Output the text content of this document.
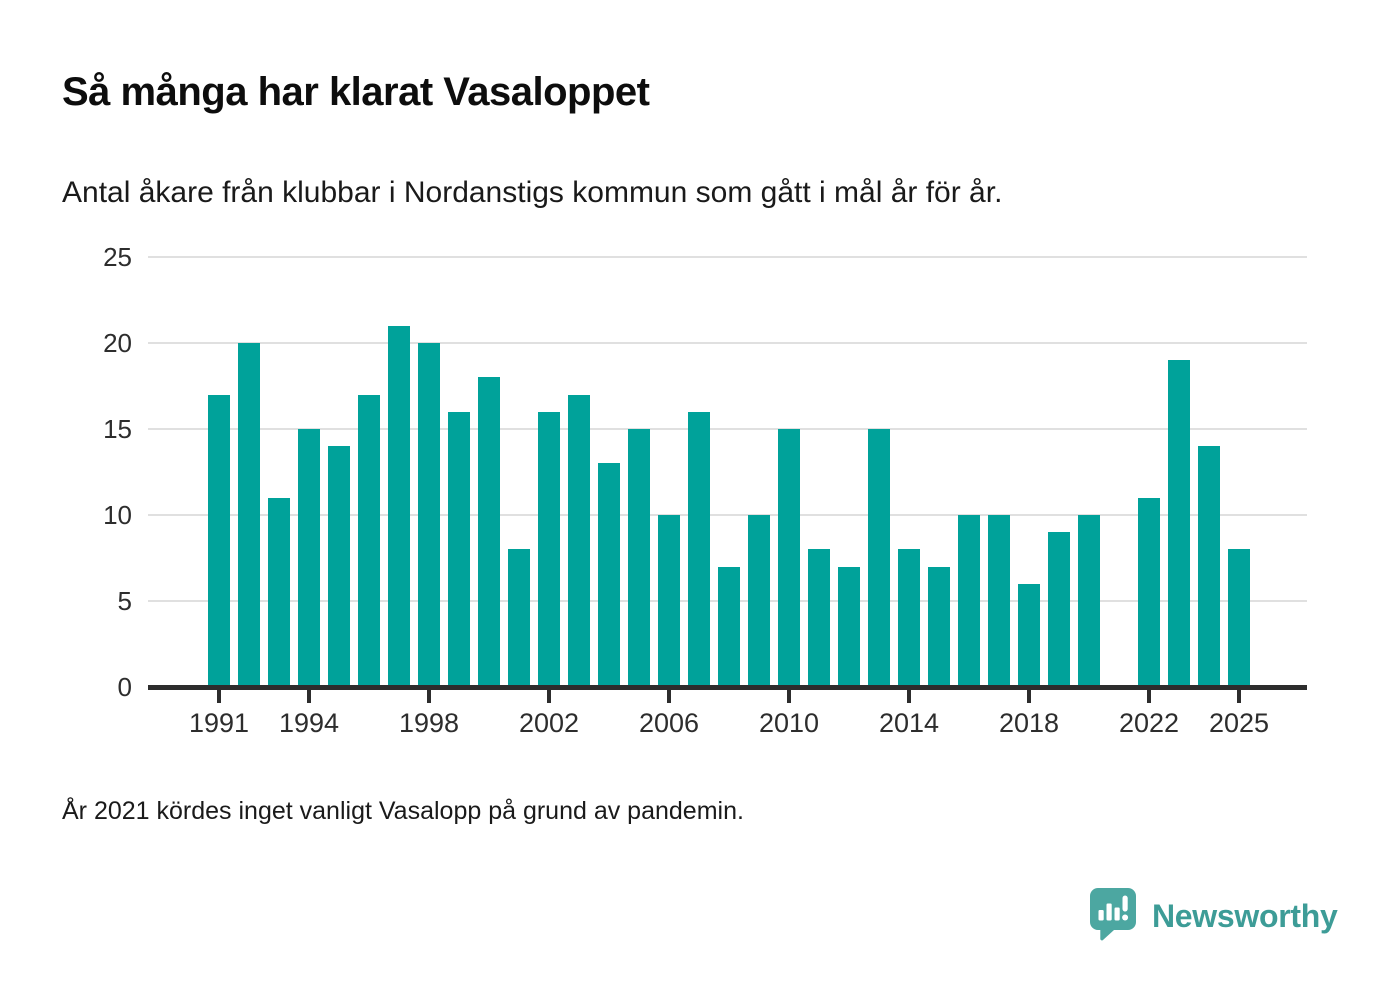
Så många har klarat Vasaloppet
Antal åkare från klubbar i Nordanstigs kommun som gått i mål år för år.
0
5
10
15
20
25
1991	1994	1998	2002	2006	2010	2014	2018	2022	2025
År 2021 kördes inget vanligt Vasalopp på grund av pandemin.
Newsworthy
